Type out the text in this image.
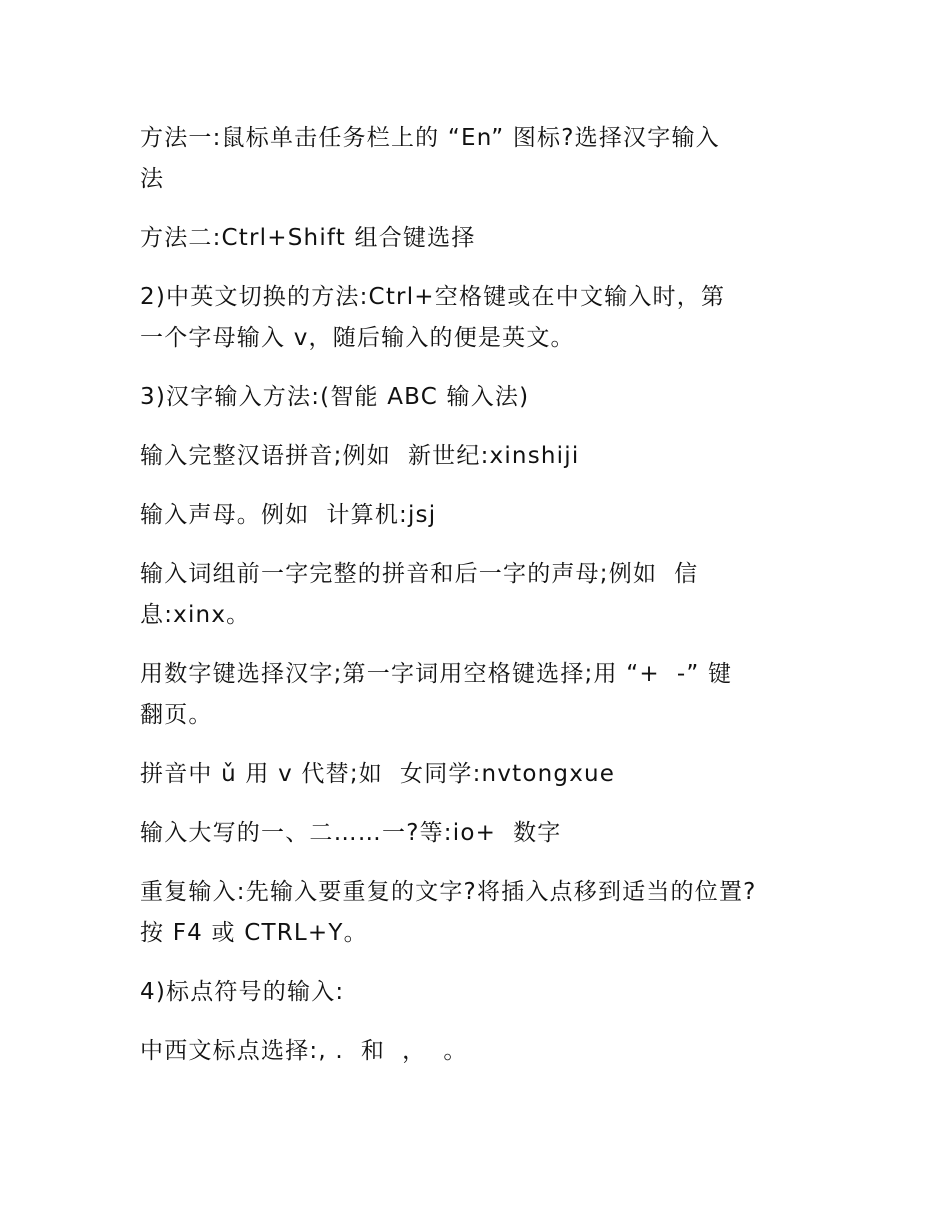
方法一:鼠标单击任务栏上的 “En” 图标?选择汉字输入
法

方法二:Ctrl+Shift 组合键选择

2)中英文切换的方法:Ctrl+空格键或在中文输入时，第
一个字母输入 v，随后输入的便是英文。

3)汉字输入方法:(智能 ABC 输入法)

输入完整汉语拼音;例如  新世纪:xinshiji

输入声母。例如  计算机:jsj

输入词组前一字完整的拼音和后一字的声母;例如  信
息:xinx。

用数字键选择汉字;第一字词用空格键选择;用 “+  -” 键
翻页。

拼音中 ǔ 用 v 代替;如  女同学:nvtongxue

输入大写的一、二……一?等:io+  数字

重复输入:先输入要重复的文字?将插入点移到适当的位置?
按 F4 或 CTRL+Y。

4)标点符号的输入:

中西文标点选择:, .  和  ，  。
